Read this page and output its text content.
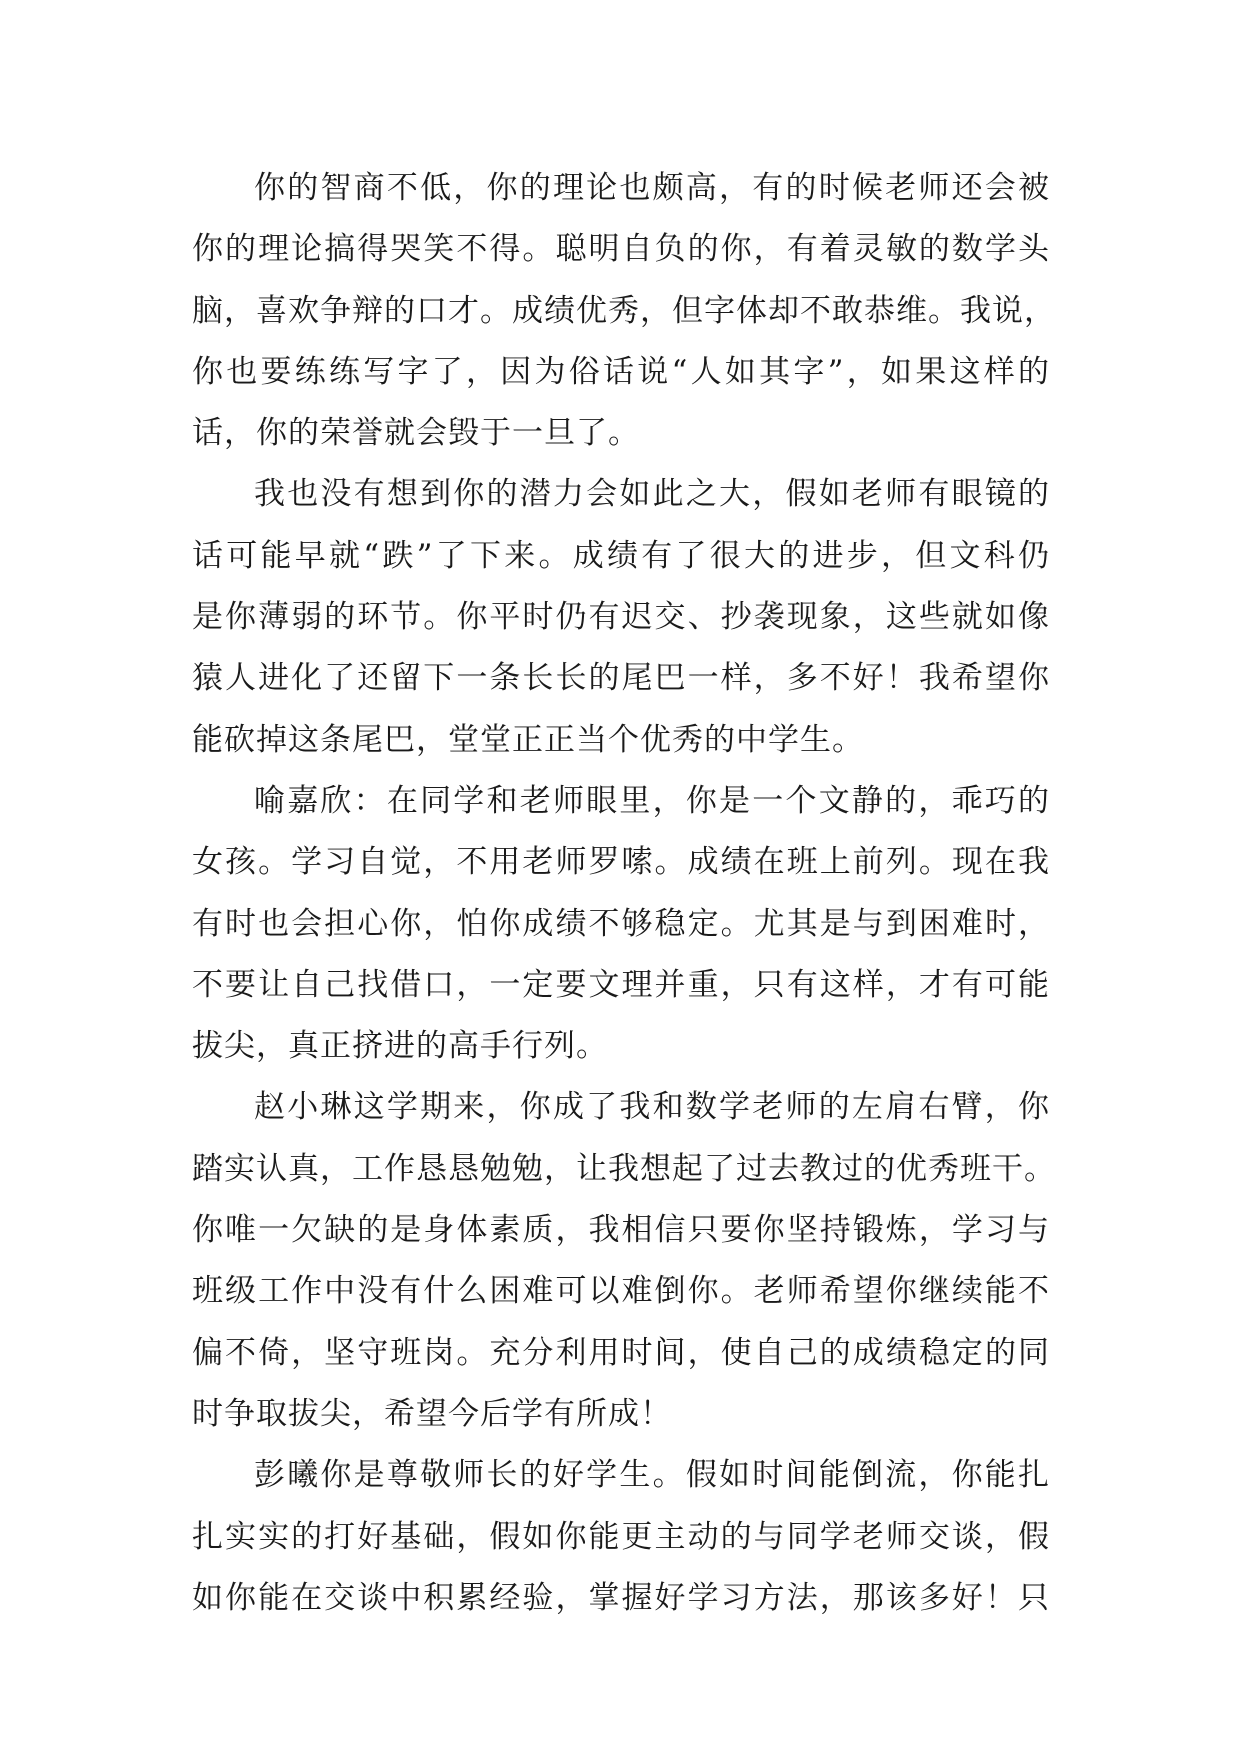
你的智商不低，你的理论也颇高，有的时候老师还会被
你的理论搞得哭笑不得。聪明自负的你，有着灵敏的数学头
脑，喜欢争辩的口才。成绩优秀，但字体却不敢恭维。我说，
你也要练练写字了，因为俗话说“人如其字”，如果这样的
话，你的荣誉就会毁于一旦了。
我也没有想到你的潜力会如此之大，假如老师有眼镜的
话可能早就“跌”了下来。成绩有了很大的进步，但文科仍
是你薄弱的环节。你平时仍有迟交、抄袭现象，这些就如像
猿人进化了还留下一条长长的尾巴一样，多不好！我希望你
能砍掉这条尾巴，堂堂正正当个优秀的中学生。
喻嘉欣：在同学和老师眼里，你是一个文静的，乖巧的
女孩。学习自觉，不用老师罗嗦。成绩在班上前列。现在我
有时也会担心你，怕你成绩不够稳定。尤其是与到困难时，
不要让自己找借口，一定要文理并重，只有这样，才有可能
拔尖，真正挤进的高手行列。
赵小琳这学期来，你成了我和数学老师的左肩右臂，你
踏实认真，工作恳恳勉勉，让我想起了过去教过的优秀班干。
你唯一欠缺的是身体素质，我相信只要你坚持锻炼，学习与
班级工作中没有什么困难可以难倒你。老师希望你继续能不
偏不倚，坚守班岗。充分利用时间，使自己的成绩稳定的同
时争取拔尖，希望今后学有所成！
彭曦你是尊敬师长的好学生。假如时间能倒流，你能扎
扎实实的打好基础，假如你能更主动的与同学老师交谈，假
如你能在交谈中积累经验，掌握好学习方法，那该多好！只
